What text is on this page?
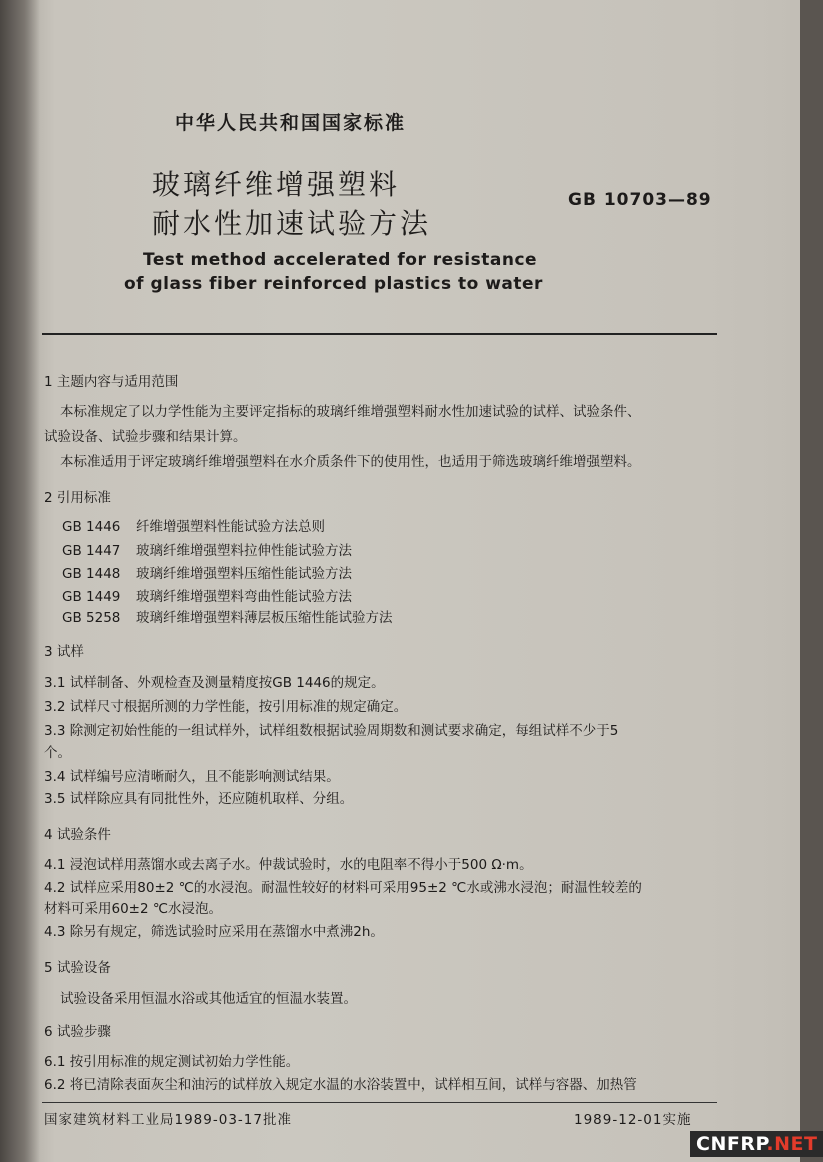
中华人民共和国国家标准
玻璃纤维增强塑料
耐水性加速试验方法
GB 10703—89
Test method accelerated for resistance
of glass fiber reinforced plastics to water
1 主题内容与适用范围
本标准规定了以力学性能为主要评定指标的玻璃纤维增强塑料耐水性加速试验的试样、试验条件、
试验设备、试验步骤和结果计算。
本标准适用于评定玻璃纤维增强塑料在水介质条件下的使用性，也适用于筛选玻璃纤维增强塑料。
2 引用标准
GB 1446 纤维增强塑料性能试验方法总则
GB 1447 玻璃纤维增强塑料拉伸性能试验方法
GB 1448 玻璃纤维增强塑料压缩性能试验方法
GB 1449 玻璃纤维增强塑料弯曲性能试验方法
GB 5258 玻璃纤维增强塑料薄层板压缩性能试验方法
3 试样
3.1 试样制备、外观检查及测量精度按GB 1446的规定。
3.2 试样尺寸根据所测的力学性能，按引用标准的规定确定。
3.3 除测定初始性能的一组试样外，试样组数根据试验周期数和测试要求确定，每组试样不少于5
个。
3.4 试样编号应清晰耐久，且不能影响测试结果。
3.5 试样除应具有同批性外，还应随机取样、分组。
4 试验条件
4.1 浸泡试样用蒸馏水或去离子水。仲裁试验时，水的电阻率不得小于500 Ω·m。
4.2 试样应采用80±2 ℃的水浸泡。耐温性较好的材料可采用95±2 ℃水或沸水浸泡；耐温性较差的
材料可采用60±2 ℃水浸泡。
4.3 除另有规定，筛选试验时应采用在蒸馏水中煮沸2h。
5 试验设备
试验设备采用恒温水浴或其他适宜的恒温水装置。
6 试验步骤
6.1 按引用标准的规定测试初始力学性能。
6.2 将已清除表面灰尘和油污的试样放入规定水温的水浴装置中，试样相互间，试样与容器、加热管
国家建筑材料工业局1989-03-17批准	1989-12-01实施
CNFRP.NET
